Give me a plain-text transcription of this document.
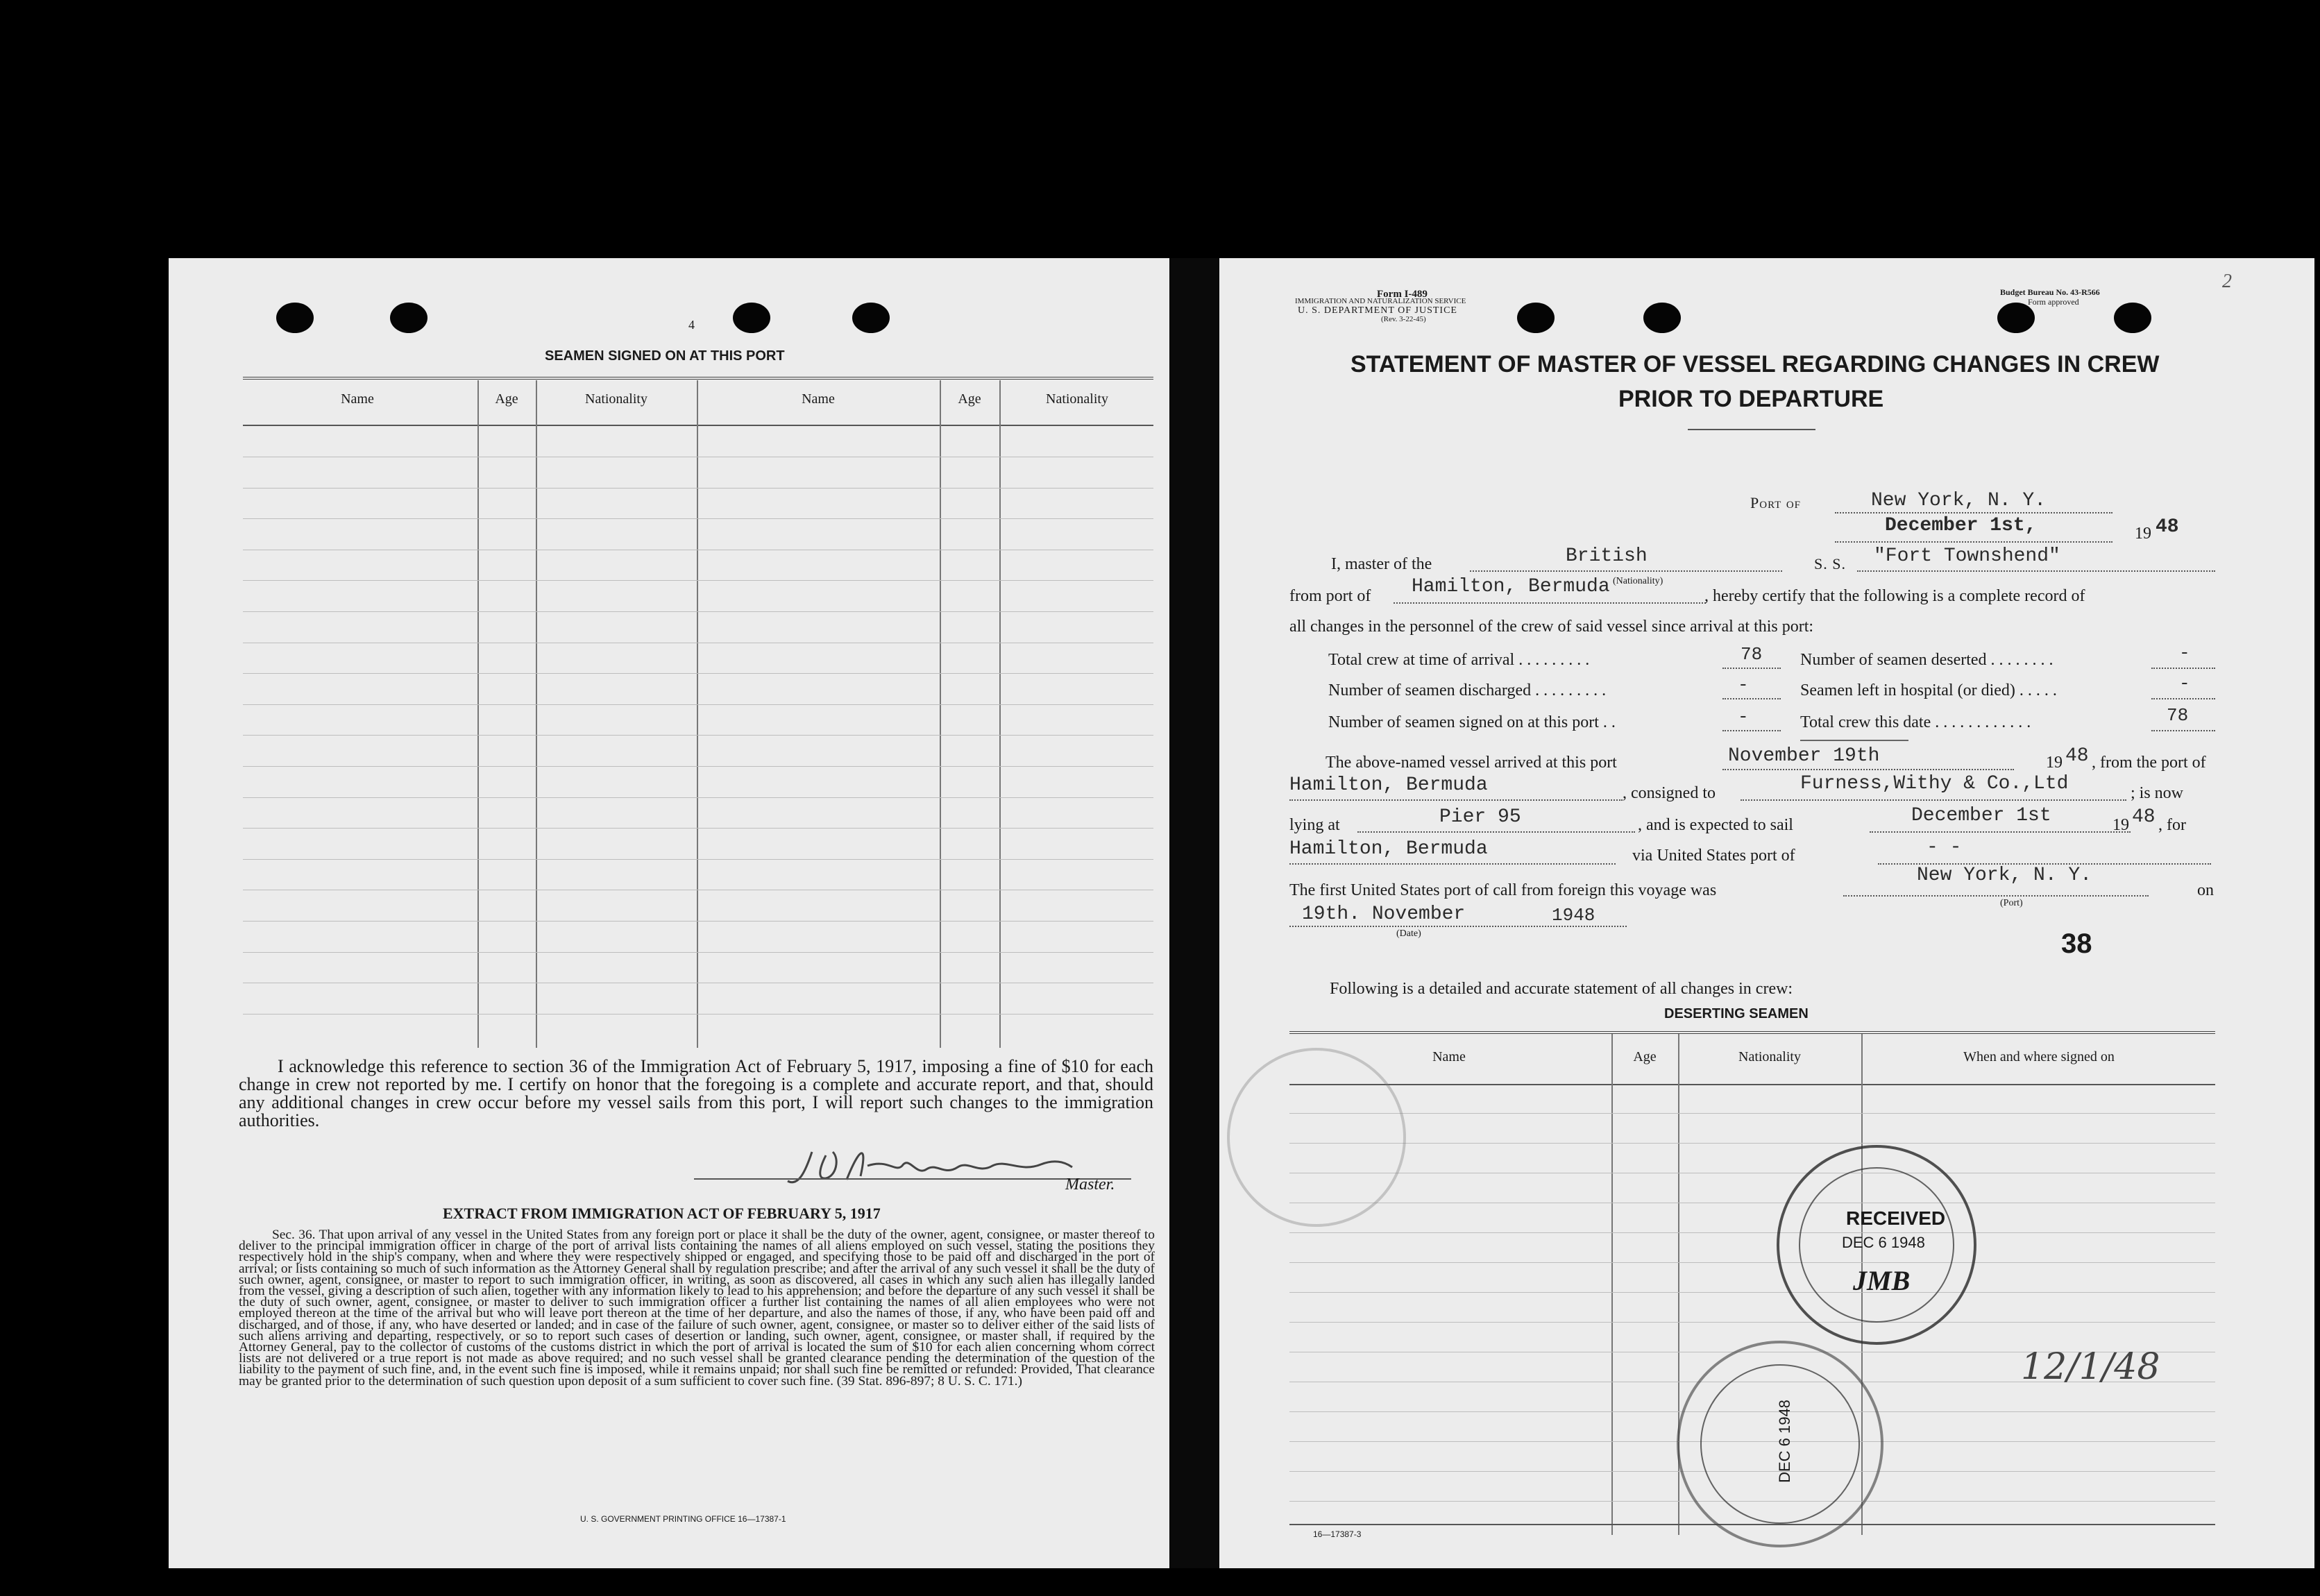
4
SEAMEN SIGNED ON AT THIS PORT
Name	Age	Nationality	Name	Age	Nationality
I acknowledge this reference to section 36 of the Immigration Act of February 5, 1917, imposing a fine of $10 for each change in crew not reported by me. I certify on honor that the foregoing is a complete and accurate report, and that, should any additional changes in crew occur before my vessel sails from this port, I will report such changes to the immigration authorities.
Master.
EXTRACT FROM IMMIGRATION ACT OF FEBRUARY 5, 1917
Sec. 36. That upon arrival of any vessel in the United States from any foreign port or place it shall be the duty of the owner, agent, consignee, or master thereof to deliver to the principal immigration officer in charge of the port of arrival lists containing the names of all aliens employed on such vessel, stating the positions they respectively hold in the ship's company, when and where they were respectively shipped or engaged, and specifying those to be paid off and discharged in the port of arrival; or lists containing so much of such information as the Attorney General shall by regulation prescribe; and after the arrival of any such vessel it shall be the duty of such owner, agent, consignee, or master to report to such immigration officer, in writing, as soon as discovered, all cases in which any such alien has illegally landed from the vessel, giving a description of such alien, together with any information likely to lead to his apprehension; and before the departure of any such vessel it shall be the duty of such owner, agent, consignee, or master to deliver to such immigration officer a further list containing the names of all alien employees who were not employed thereon at the time of the arrival but who will leave port thereon at the time of her departure, and also the names of those, if any, who have been paid off and discharged, and of those, if any, who have deserted or landed; and in case of the failure of such owner, agent, consignee, or master so to deliver either of the said lists of such aliens arriving and departing, respectively, or so to report such cases of desertion or landing, such owner, agent, consignee, or master shall, if required by the Attorney General, pay to the collector of customs of the customs district in which the port of arrival is located the sum of $10 for each alien concerning whom correct lists are not delivered or a true report is not made as above required; and no such vessel shall be granted clearance pending the determination of the question of the liability to the payment of such fine, and, in the event such fine is imposed, while it remains unpaid; nor shall such fine be remitted or refunded: Provided, That clearance may be granted prior to the determination of such question upon deposit of a sum sufficient to cover such fine. (39 Stat. 896-897; 8 U. S. C. 171.)
U. S. GOVERNMENT PRINTING OFFICE 16—17387-1
Form I-489
IMMIGRATION AND NATURALIZATION SERVICE
U. S. DEPARTMENT OF JUSTICE
(Rev. 3-22-45)
Budget Bureau No. 43-R566
Form approved
2
STATEMENT OF MASTER OF VESSEL REGARDING CHANGES IN CREW
PRIOR TO DEPARTURE
Port of	New York, N. Y.
December 1st,	19 48
I, master of the	British	S. S. "Fort Townshend"
from port of Hamilton, Bermuda (Nationality)
, hereby certify that the following is a complete record of
all changes in the personnel of the crew of said vessel since arrival at this port:
Total crew at time of arrival . . . . . . . . .	78 Number of seamen deserted . . . . . . . .	-
Number of seamen discharged . . . . . . . . .	-	Seamen left in hospital (or died) . . . . .	-
Number of seamen signed on at this port . .	-	Total crew this date . . . . . . . . . . . .	78
The above-named vessel arrived at this port	November 19th	19 48 , from the port of
Hamilton, Bermuda	, consigned to	Furness,Withy & Co.,Ltd	; is now
lying at	Pier 95	, and is expected to sail	December 1st	19 48 , for
Hamilton, Bermuda	via United States port of	- -
The first United States port of call from foreign this voyage was
New York, N. Y.
(Port)
on
19th. November
(Date)
1948
38
Following is a detailed and accurate statement of all changes in crew:
DESERTING SEAMEN
Name	Age	Nationality	When and where signed on
16—17387-3
RECEIVED
DEC 6 1948
JMB
DEC 6 1948
12/1/48
